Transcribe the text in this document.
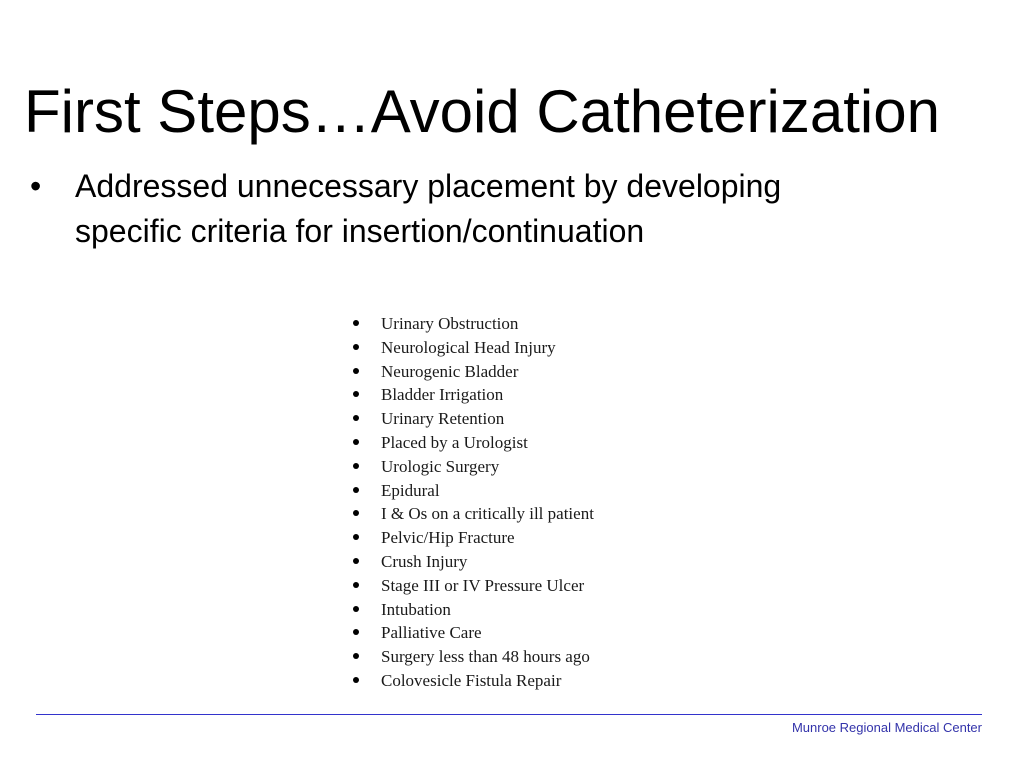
First Steps…Avoid Catheterization
• Addressed unnecessary placement by developing specific criteria for insertion/continuation
Urinary Obstruction
Neurological Head Injury
Neurogenic Bladder
Bladder Irrigation
Urinary Retention
Placed by a Urologist
Urologic Surgery
Epidural
I & Os on a critically ill patient
Pelvic/Hip Fracture
Crush Injury
Stage III or IV Pressure Ulcer
Intubation
Palliative Care
Surgery less than 48 hours ago
Colovesicle Fistula Repair
Munroe Regional Medical Center
